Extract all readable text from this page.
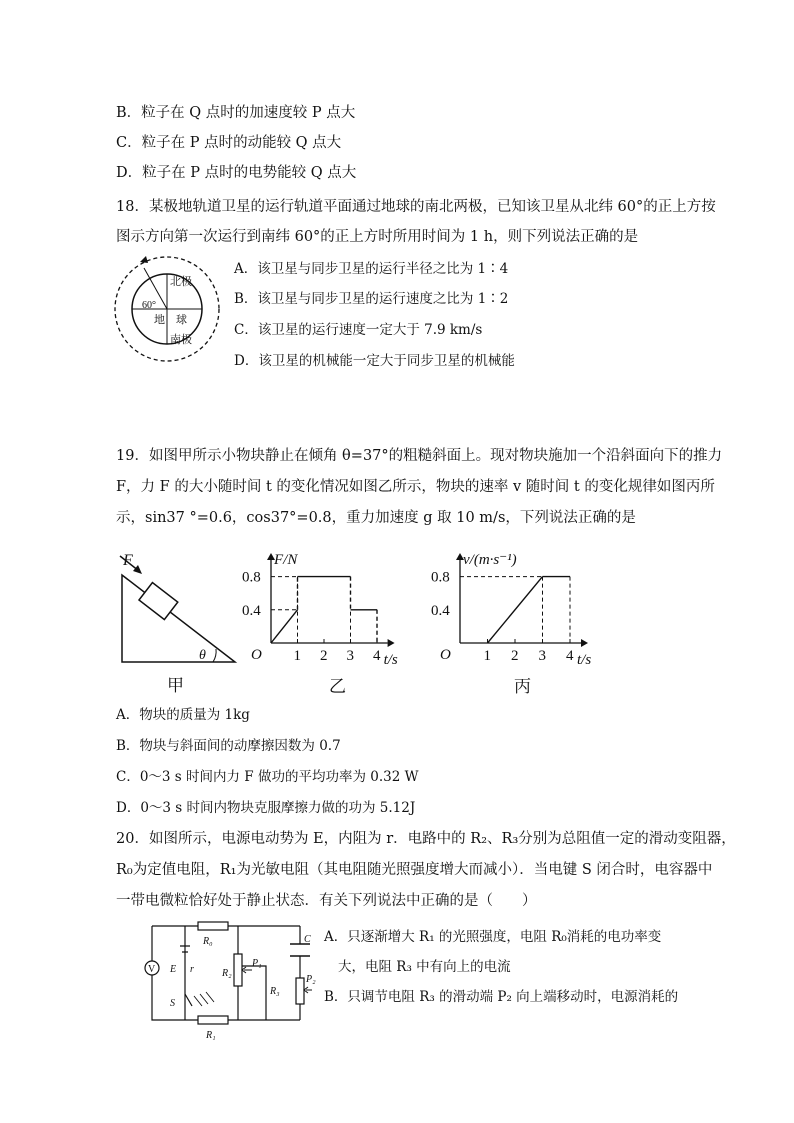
B．粒子在 Q 点时的加速度较 P 点大
C．粒子在 P 点时的动能较 Q 点大
D．粒子在 P 点时的电势能较 Q 点大
18．某极地轨道卫星的运行轨道平面通过地球的南北两极，已知该卫星从北纬 60°的正上方按
图示方向第一次运行到南纬 60°的正上方时所用时间为 1 h，则下列说法正确的是
北极
南极
地　球
60°
A．该卫星与同步卫星的运行半径之比为 1∶4
B．该卫星与同步卫星的运行速度之比为 1∶2
C．该卫星的运行速度一定大于 7.9 km/s
D．该卫星的机械能一定大于同步卫星的机械能
19．如图甲所示小物块静止在倾角 θ=37°的粗糙斜面上。现对物块施加一个沿斜面向下的推力
F，力 F 的大小随时间 t 的变化情况如图乙所示，物块的速率 v 随时间 t 的变化规律如图丙所
示，sin37 °=0.6，cos37°=0.8，重力加速度 g 取 10 m/s，下列说法正确的是
F
θ
甲
1 2 3 4
0.4
0.8
O	t/s
F/N
乙
1 2 3 4
0.4
0.8
O	t/s
v/(m·s⁻¹)
丙
A．物块的质量为 1kg
B．物块与斜面间的动摩擦因数为 0.7
C．0～3 s 时间内力 F 做功的平均功率为 0.32 W
D．0～3 s 时间内物块克服摩擦力做的功为 5.12J
20．如图所示，电源电动势为 E，内阻为 r．电路中的 R₂、R₃分别为总阻值一定的滑动变阻器，
R₀为定值电阻，R₁为光敏电阻（其电阻随光照强度增大而减小）．当电键 S 闭合时，电容器中
一带电微粒恰好处于静止状态．有关下列说法中正确的是（　　）
V
R₀
E r	R₂
P₁
C
R₃
P₂
S
R₁
A．只逐渐增大 R₁ 的光照强度，电阻 R₀消耗的电功率变
大，电阻 R₃ 中有向上的电流
B．只调节电阻 R₃ 的滑动端 P₂ 向上端移动时，电源消耗的
